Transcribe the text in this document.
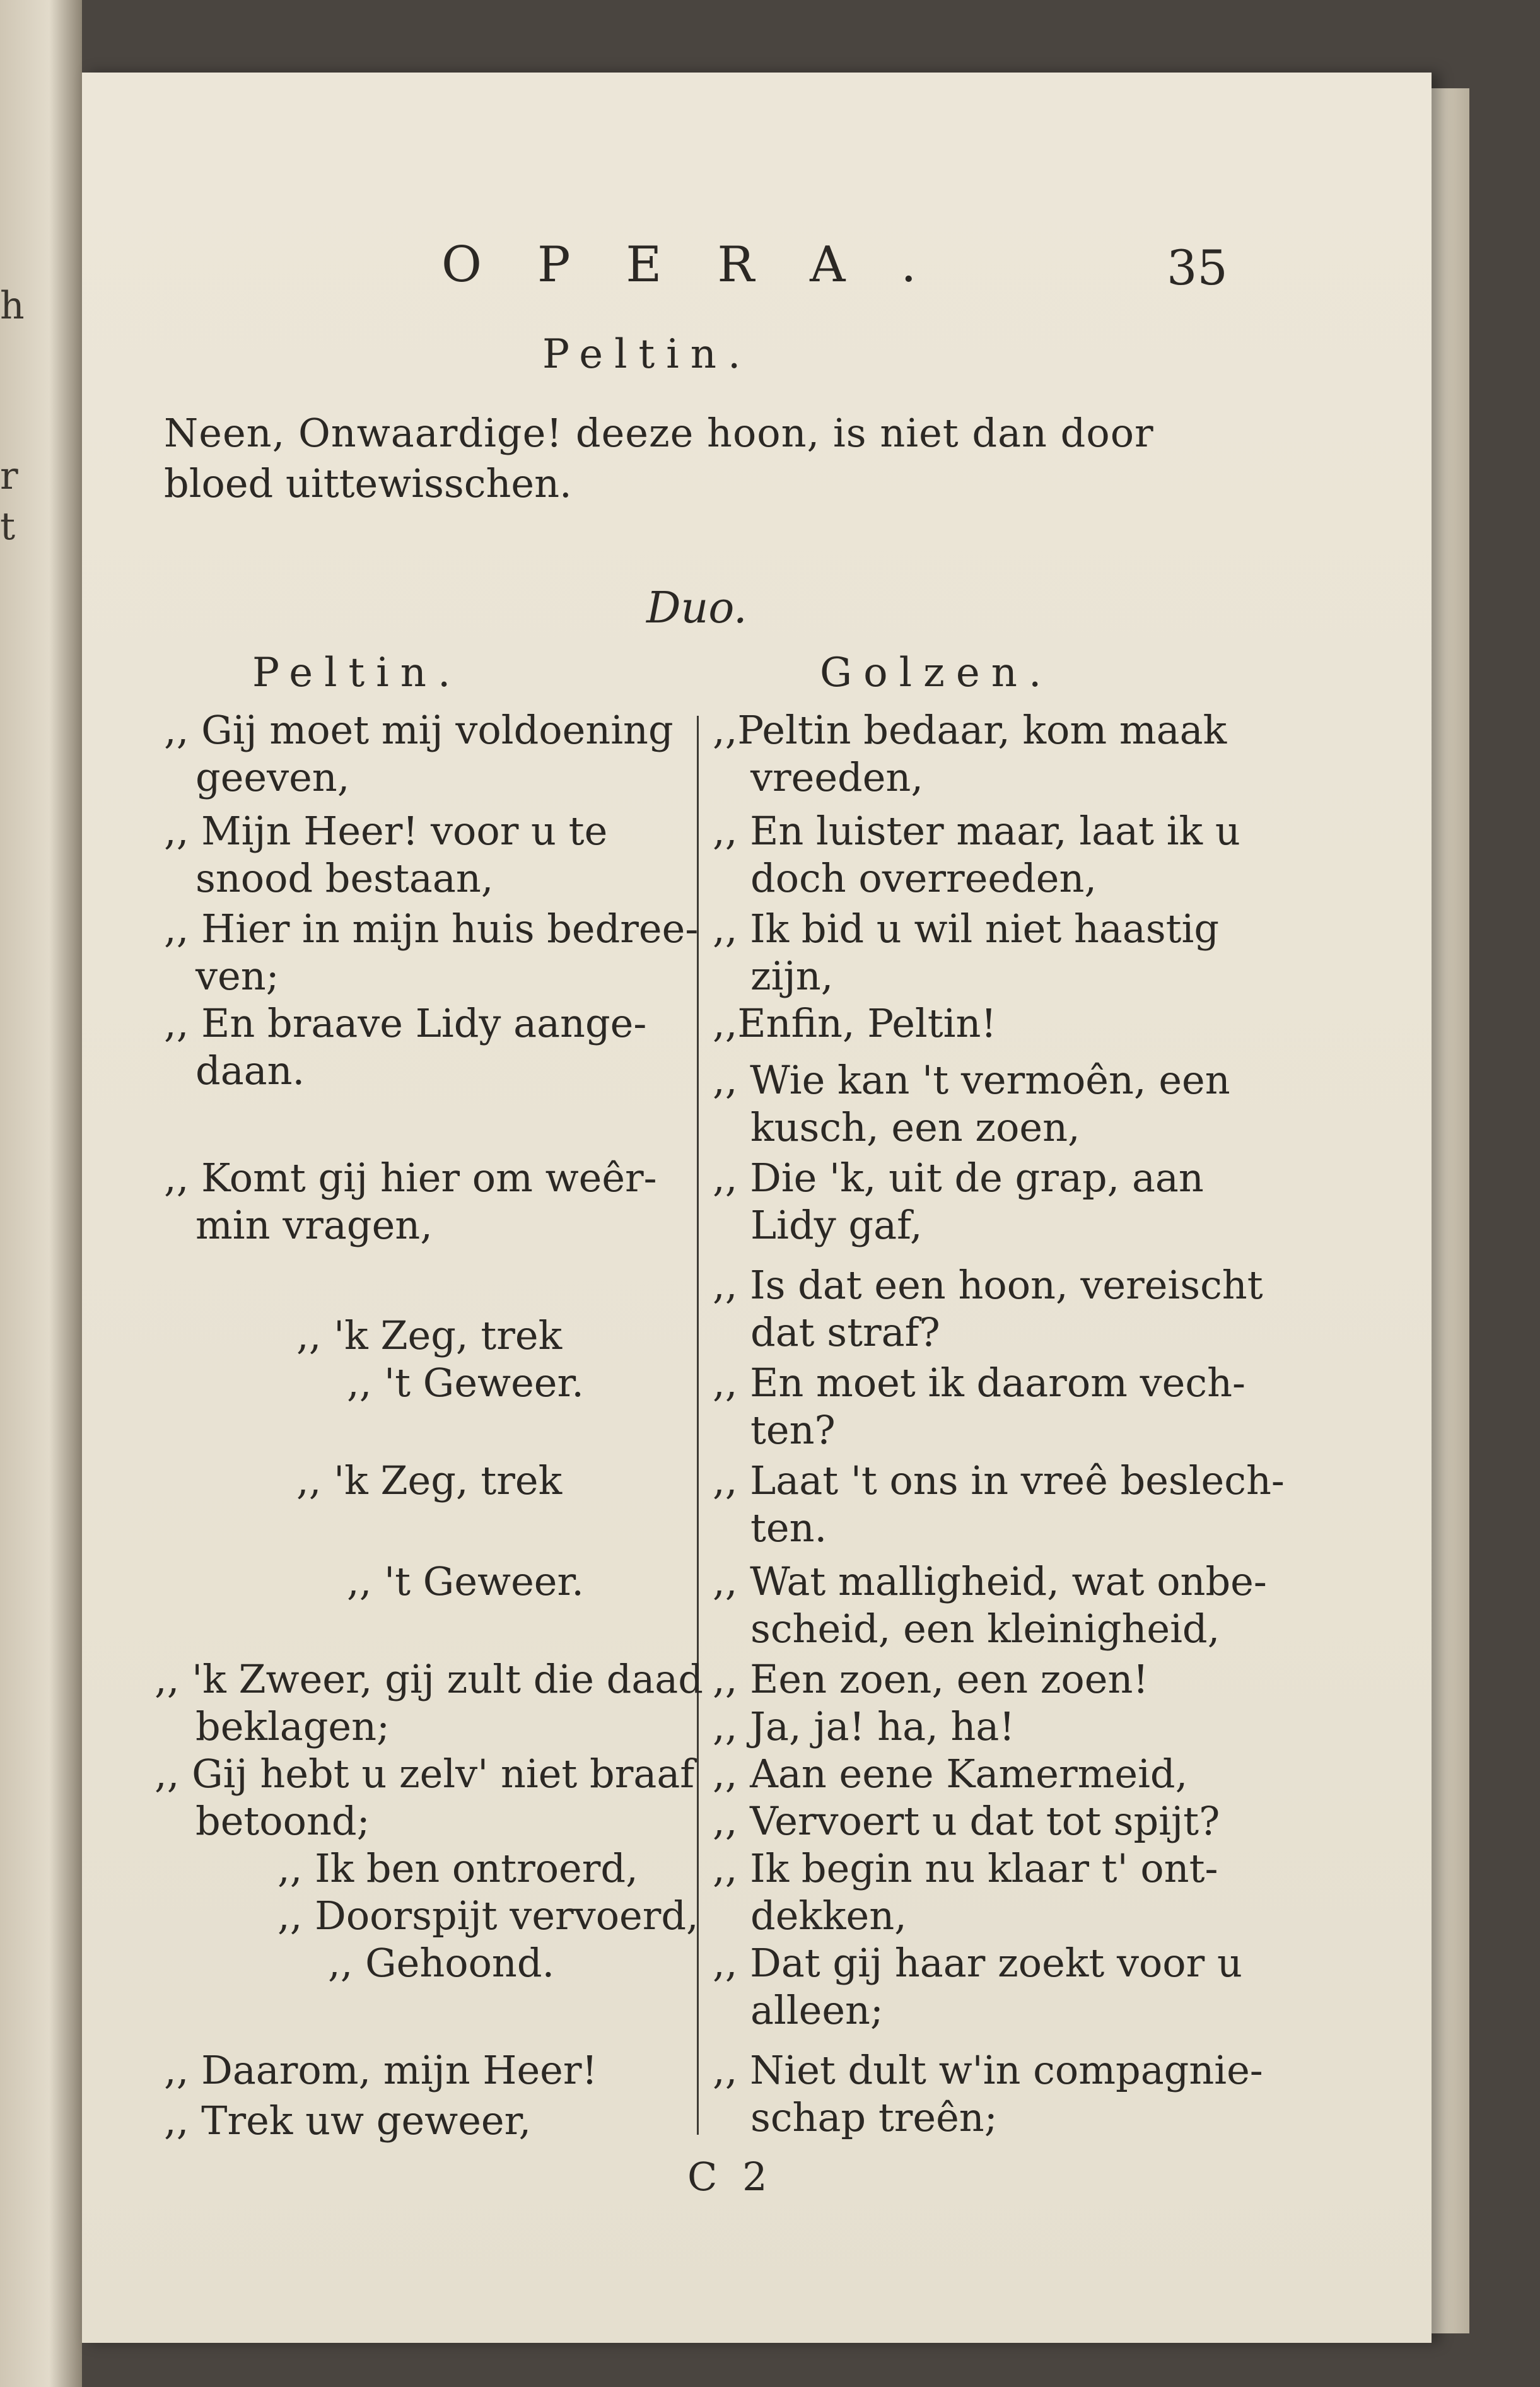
h
r
t
OPERA.	35
Peltin.
Neen, Onwaardige! deeze hoon, is niet dan door
bloed uittewisschen.
Duo.
Peltin.	Golzen.
,, Gij moet mij voldoening
geeven,
,, Mijn Heer! voor u te
snood bestaan,
,, Hier in mijn huis bedree-
ven;
,, En braave Lidy aange-
daan.
,, Komt gij hier om weêr-
min vragen,
,, 'k Zeg, trek
,, 't Geweer.
,, 'k Zeg, trek
,, 't Geweer.
,, 'k Zweer, gij zult die daad
beklagen;
,, Gij hebt u zelv' niet braaf
betoond;
,, Ik ben ontroerd,
,, Doorspijt vervoerd,
,, Gehoond.
,, Daarom, mijn Heer!
,, Trek uw geweer,
,,Peltin bedaar, kom maak
vreeden,
,, En luister maar, laat ik u
doch overreeden,
,, Ik bid u wil niet haastig
zijn,
,,Enfin, Peltin!
,, Wie kan 't vermoên, een
kusch, een zoen,
,, Die 'k, uit de grap, aan
Lidy gaf,
,, Is dat een hoon, vereischt
dat straf?
,, En moet ik daarom vech-
ten?
,, Laat 't ons in vreê beslech-
ten.
,, Wat malligheid, wat onbe-
scheid, een kleinigheid,
,, Een zoen, een zoen!
,, Ja, ja! ha, ha!
,, Aan eene Kamermeid,
,, Vervoert u dat tot spijt?
,, Ik begin nu klaar t' ont-
dekken,
,, Dat gij haar zoekt voor u
alleen;
,, Niet dult w'in compagnie-
schap treên;
C 2
